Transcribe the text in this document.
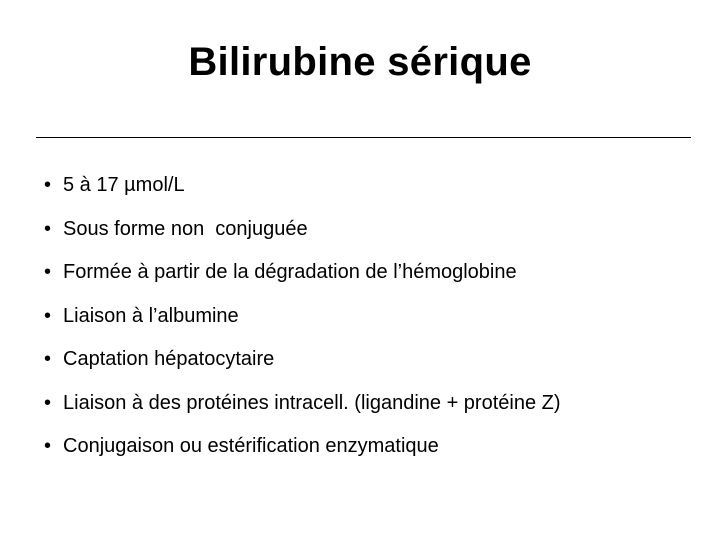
Bilirubine sérique
• 5 à 17 µmol/L
• Sous forme non  conjuguée
• Formée à partir de la dégradation de l’hémoglobine
• Liaison à l’albumine
• Captation hépatocytaire
• Liaison à des protéines intracell. (ligandine + protéine Z)
• Conjugaison ou estérification enzymatique
